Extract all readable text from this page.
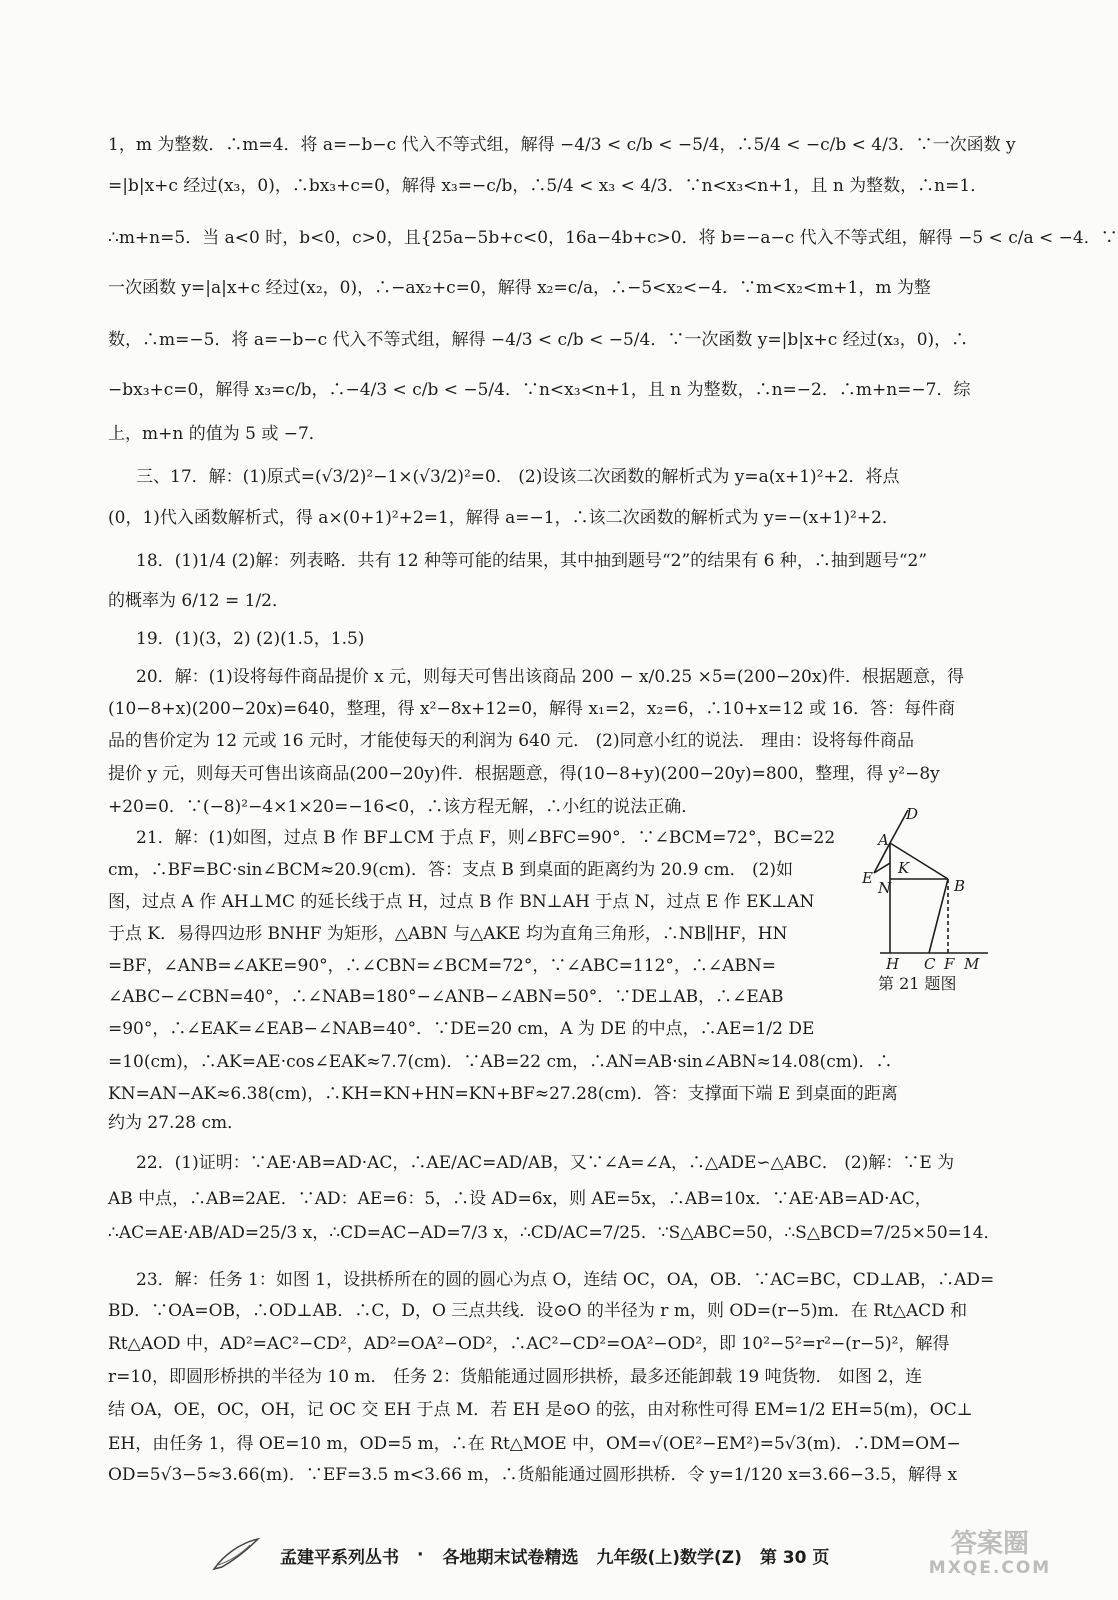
1，m 为整数．∴m=4．将 a=−b−c 代入不等式组，解得 −4/3 < c/b < −5/4，∴5/4 < −c/b < 4/3．∵一次函数 y
=|b|x+c 经过(x₃，0)，∴bx₃+c=0，解得 x₃=−c/b，∴5/4 < x₃ < 4/3．∵n<x₃<n+1，且 n 为整数，∴n=1．
∴m+n=5．当 a<0 时，b<0，c>0，且{25a−5b+c<0，16a−4b+c>0．将 b=−a−c 代入不等式组，解得 −5 < c/a < −4．∵
一次函数 y=|a|x+c 经过(x₂，0)，∴−ax₂+c=0，解得 x₂=c/a，∴−5<x₂<−4．∵m<x₂<m+1，m 为整
数，∴m=−5．将 a=−b−c 代入不等式组，解得 −4/3 < c/b < −5/4．∵一次函数 y=|b|x+c 经过(x₃，0)，∴
−bx₃+c=0，解得 x₃=c/b，∴−4/3 < c/b < −5/4．∵n<x₃<n+1，且 n 为整数，∴n=−2．∴m+n=−7．综
上，m+n 的值为 5 或 −7．
三、17．解：(1)原式=(√3/2)²−1×(√3/2)²=0． (2)设该二次函数的解析式为 y=a(x+1)²+2．将点
(0，1)代入函数解析式，得 a×(0+1)²+2=1，解得 a=−1，∴该二次函数的解析式为 y=−(x+1)²+2．
18．(1)1/4 (2)解：列表略．共有 12 种等可能的结果，其中抽到题号“2”的结果有 6 种，∴抽到题号“2”
的概率为 6/12 = 1/2．
19．(1)(3，2) (2)(1.5，1.5)
20．解：(1)设将每件商品提价 x 元，则每天可售出该商品 200 − x/0.25 ×5=(200−20x)件．根据题意，得
(10−8+x)(200−20x)=640，整理，得 x²−8x+12=0，解得 x₁=2，x₂=6，∴10+x=12 或 16．答：每件商
品的售价定为 12 元或 16 元时，才能使每天的利润为 640 元． (2)同意小红的说法． 理由：设将每件商品
提价 y 元，则每天可售出该商品(200−20y)件．根据题意，得(10−8+y)(200−20y)=800，整理，得 y²−8y
+20=0．∵(−8)²−4×1×20=−16<0，∴该方程无解，∴小红的说法正确．
21．解：(1)如图，过点 B 作 BF⊥CM 于点 F，则∠BFC=90°．∵∠BCM=72°，BC=22
cm，∴BF=BC·sin∠BCM≈20.9(cm)．答：支点 B 到桌面的距离约为 20.9 cm． (2)如
图，过点 A 作 AH⊥MC 的延长线于点 H，过点 B 作 BN⊥AH 于点 N，过点 E 作 EK⊥AN
于点 K．易得四边形 BNHF 为矩形，△ABN 与△AKE 均为直角三角形，∴NB∥HF，HN
=BF，∠ANB=∠AKE=90°，∴∠CBN=∠BCM=72°，∵∠ABC=112°，∴∠ABN=
∠ABC−∠CBN=40°，∴∠NAB=180°−∠ANB−∠ABN=50°．∵DE⊥AB，∴∠EAB
=90°，∴∠EAK=∠EAB−∠NAB=40°．∵DE=20 cm，A 为 DE 的中点，∴AE=1/2 DE
=10(cm)，∴AK=AE·cos∠EAK≈7.7(cm)．∵AB=22 cm，∴AN=AB·sin∠ABN≈14.08(cm)．∴
KN=AN−AK≈6.38(cm)，∴KH=KN+HN=KN+BF≈27.28(cm)．答：支撑面下端 E 到桌面的距离
约为 27.28 cm．
22．(1)证明：∵AE·AB=AD·AC，∴AE/AC=AD/AB，又∵∠A=∠A，∴△ADE∽△ABC． (2)解：∵E 为
AB 中点，∴AB=2AE．∵AD：AE=6：5，∴设 AD=6x，则 AE=5x，∴AB=10x．∵AE·AB=AD·AC，
∴AC=AE·AB/AD=25/3 x，∴CD=AC−AD=7/3 x，∴CD/AC=7/25．∵S△ABC=50，∴S△BCD=7/25×50=14．
23．解：任务 1：如图 1，设拱桥所在的圆的圆心为点 O，连结 OC，OA，OB．∵AC=BC，CD⊥AB，∴AD=
BD．∵OA=OB，∴OD⊥AB．∴C，D，O 三点共线．设⊙O 的半径为 r m，则 OD=(r−5)m．在 Rt△ACD 和
Rt△AOD 中，AD²=AC²−CD²，AD²=OA²−OD²，∴AC²−CD²=OA²−OD²，即 10²−5²=r²−(r−5)²，解得
r=10，即圆形桥拱的半径为 10 m． 任务 2：货船能通过圆形拱桥，最多还能卸载 19 吨货物． 如图 2，连
结 OA，OE，OC，OH，记 OC 交 EH 于点 M．若 EH 是⊙O 的弦，由对称性可得 EM=1/2 EH=5(m)，OC⊥
EH，由任务 1，得 OE=10 m，OD=5 m，∴在 Rt△MOE 中，OM=√(OE²−EM²)=5√3(m)．∴DM=OM−
OD=5√3−5≈3.66(m)．∵EF=3.5 m<3.66 m，∴货船能通过圆形拱桥．令 y=1/120 x=3.66−3.5，解得 x
D
A
K
E
N	B
H C F M
第 21 题图
孟建平系列丛书 · 各地期末试卷精选 九年级(上)数学(Z) 第 30 页	答案圈
MXQE.COM
